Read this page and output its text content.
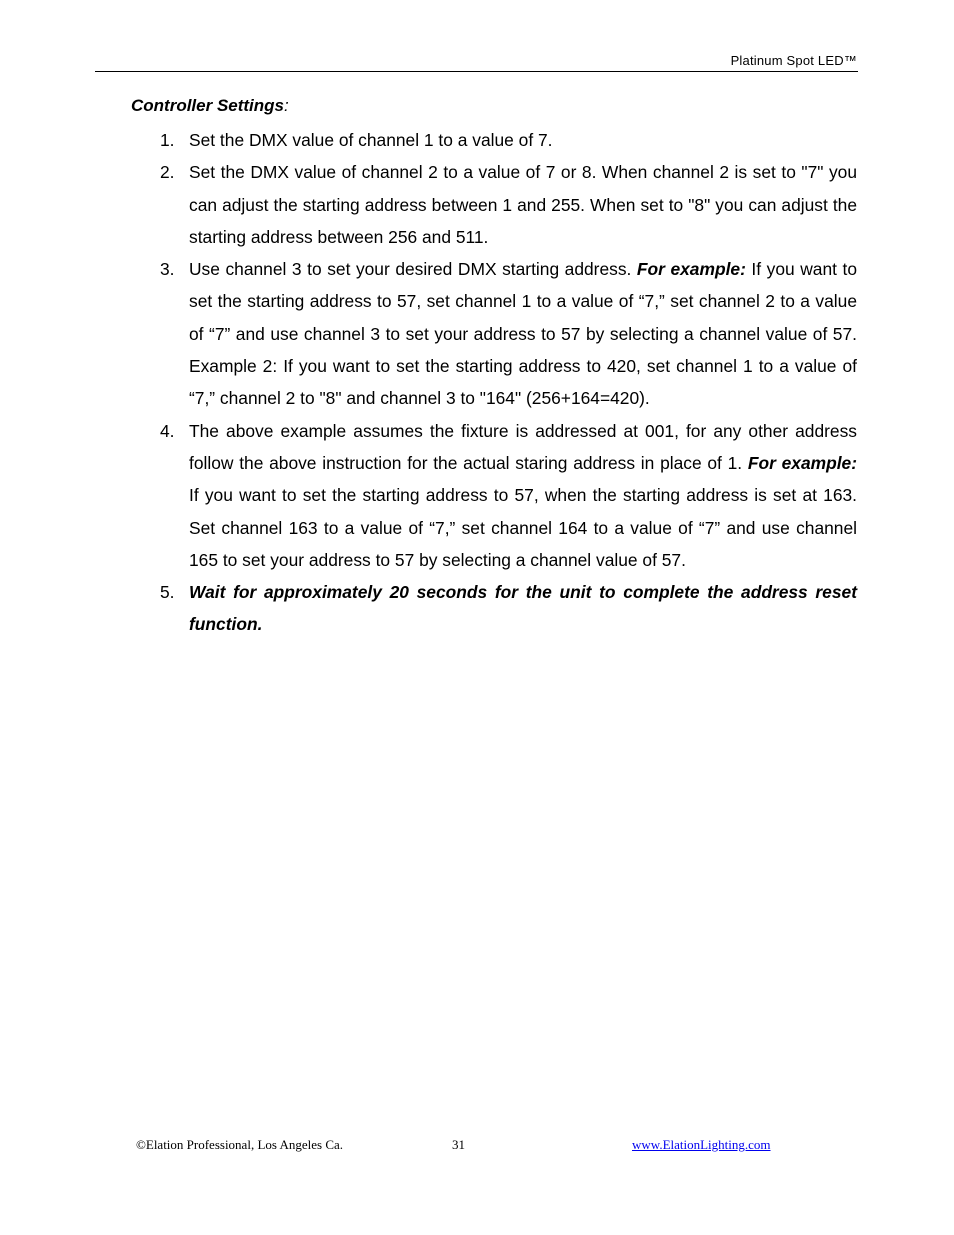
Platinum Spot LED™
Controller Settings:
1. Set the DMX value of channel 1 to a value of 7.
2. Set the DMX value of channel 2 to a value of 7 or 8. When channel 2 is set to "7" you can adjust the starting address between 1 and 255. When set to "8" you can adjust the starting address between 256 and 511.
3. Use channel 3 to set your desired DMX starting address. For example: If you want to set the starting address to 57, set channel 1 to a value of “7,” set channel 2 to a value of “7” and use channel 3 to set your address to 57 by selecting a channel value of 57. Example 2: If you want to set the starting address to 420, set channel 1 to a value of “7,” channel 2 to "8" and channel 3 to "164" (256+164=420).
4. The above example assumes the fixture is addressed at 001, for any other address follow the above instruction for the actual staring address in place of 1. For example: If you want to set the starting address to 57, when the starting address is set at 163. Set channel 163 to a value of “7,” set channel 164 to a value of “7” and use channel 165 to set your address to 57 by selecting a channel value of 57.
5. Wait for approximately 20 seconds for the unit to complete the address reset function.
©Elation Professional, Los Angeles Ca.	31	www.ElationLighting.com
